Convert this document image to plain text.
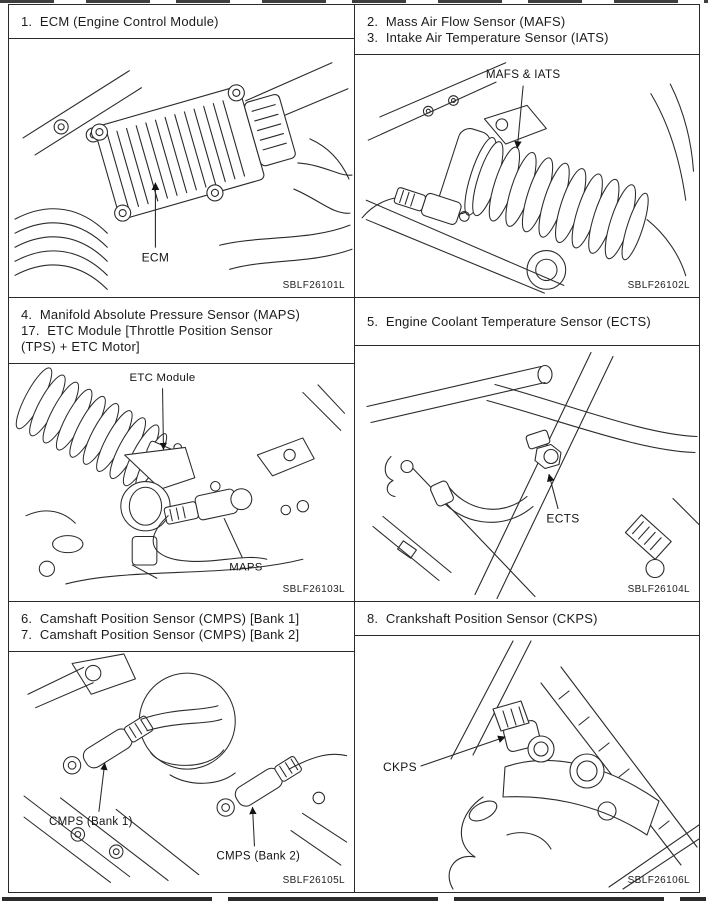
1.  ECM (Engine Control Module)
ECM
SBLF26101L
2.  Mass Air Flow Sensor (MAFS)
3.  Intake Air Temperature Sensor (IATS)
MAFS & IATS
SBLF26102L
4.  Manifold Absolute Pressure Sensor (MAPS)
17.  ETC Module [Throttle Position Sensor
(TPS) + ETC Motor]
ETC Module
MAPS
SBLF26103L
5.  Engine Coolant Temperature Sensor (ECTS)
ECTS
SBLF26104L
6.  Camshaft Position Sensor (CMPS) [Bank 1]
7.  Camshaft Position Sensor (CMPS) [Bank 2]
CMPS (Bank 1)
CMPS (Bank 2)
SBLF26105L
8.  Crankshaft Position Sensor (CKPS)
CKPS
SBLF26106L
